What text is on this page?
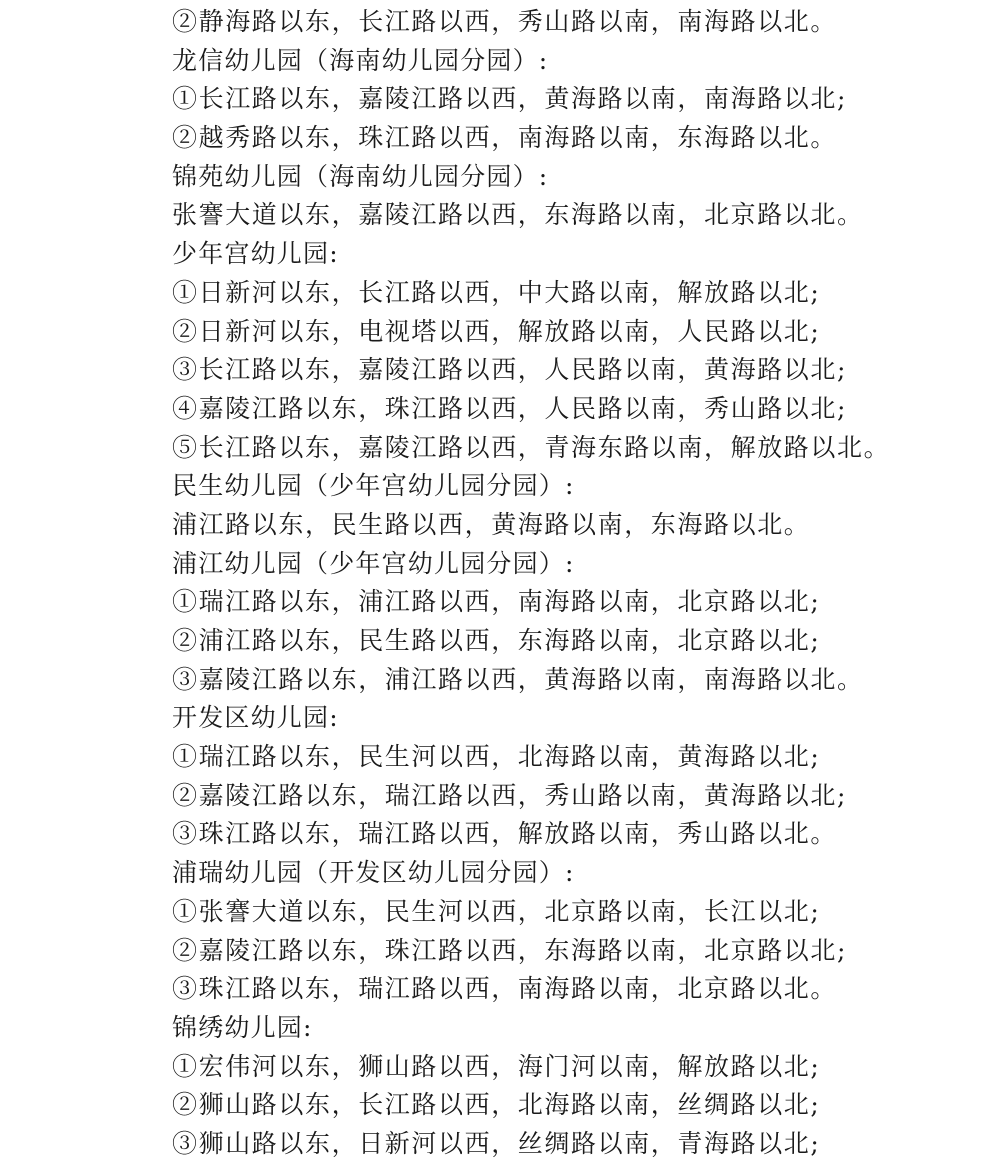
②静海路以东，长江路以西，秀山路以南，南海路以北。
龙信幼儿园（海南幼儿园分园）:
①长江路以东，嘉陵江路以西，黄海路以南，南海路以北;
②越秀路以东，珠江路以西，南海路以南，东海路以北。
锦苑幼儿园（海南幼儿园分园）:
张謇大道以东，嘉陵江路以西，东海路以南，北京路以北。
少年宫幼儿园:
①日新河以东，长江路以西，中大路以南，解放路以北;
②日新河以东，电视塔以西，解放路以南，人民路以北;
③长江路以东，嘉陵江路以西，人民路以南，黄海路以北;
④嘉陵江路以东，珠江路以西，人民路以南，秀山路以北;
⑤长江路以东，嘉陵江路以西，青海东路以南，解放路以北。
民生幼儿园（少年宫幼儿园分园）:
浦江路以东，民生路以西，黄海路以南，东海路以北。
浦江幼儿园（少年宫幼儿园分园）:
①瑞江路以东，浦江路以西，南海路以南，北京路以北;
②浦江路以东，民生路以西，东海路以南，北京路以北;
③嘉陵江路以东，浦江路以西，黄海路以南，南海路以北。
开发区幼儿园:
①瑞江路以东，民生河以西，北海路以南，黄海路以北;
②嘉陵江路以东，瑞江路以西，秀山路以南，黄海路以北;
③珠江路以东，瑞江路以西，解放路以南，秀山路以北。
浦瑞幼儿园（开发区幼儿园分园）:
①张謇大道以东，民生河以西，北京路以南，长江以北;
②嘉陵江路以东，珠江路以西，东海路以南，北京路以北;
③珠江路以东，瑞江路以西，南海路以南，北京路以北。
锦绣幼儿园:
①宏伟河以东，狮山路以西，海门河以南，解放路以北;
②狮山路以东，长江路以西，北海路以南，丝绸路以北;
③狮山路以东，日新河以西，丝绸路以南，青海路以北;
